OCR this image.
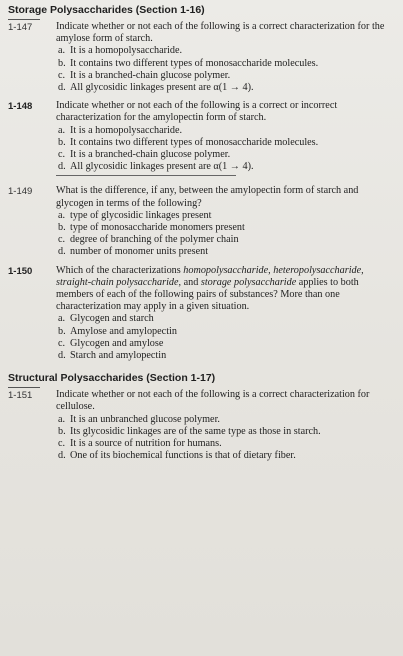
Storage Polysaccharides (Section 1-16)
1-147	Indicate whether or not each of the following is a correct characterization for the amylose form of starch.

a. It is a homopolysaccharide.
b. It contains two different types of monosaccharide molecules.
c. It is a branched-chain glucose polymer.
d. All glycosidic linkages present are α(1 → 4).
1-148	Indicate whether or not each of the following is a correct or incorrect characterization for the amylopectin form of starch.

a. It is a homopolysaccharide.
b. It contains two different types of monosaccharide molecules.
c. It is a branched-chain glucose polymer.
d. All glycosidic linkages present are α(1 → 4).
1-149	What is the difference, if any, between the amylopectin form of starch and glycogen in terms of the following?

a. type of glycosidic linkages present
b. type of monosaccharide monomers present
c. degree of branching of the polymer chain
d. number of monomer units present
1-150	Which of the characterizations homopolysaccharide, heteropolysaccharide, straight-chain polysaccharide, and storage polysaccharide applies to both members of each of the following pairs of substances? More than one characterization may apply in a given situation.

a. Glycogen and starch
b. Amylose and amylopectin
c. Glycogen and amylose
d. Starch and amylopectin
Structural Polysaccharides (Section 1-17)
1-151	Indicate whether or not each of the following is a correct characterization for cellulose.

a. It is an unbranched glucose polymer.
b. Its glycosidic linkages are of the same type as those in starch.
c. It is a source of nutrition for humans.
d. One of its biochemical functions is that of dietary fiber.
